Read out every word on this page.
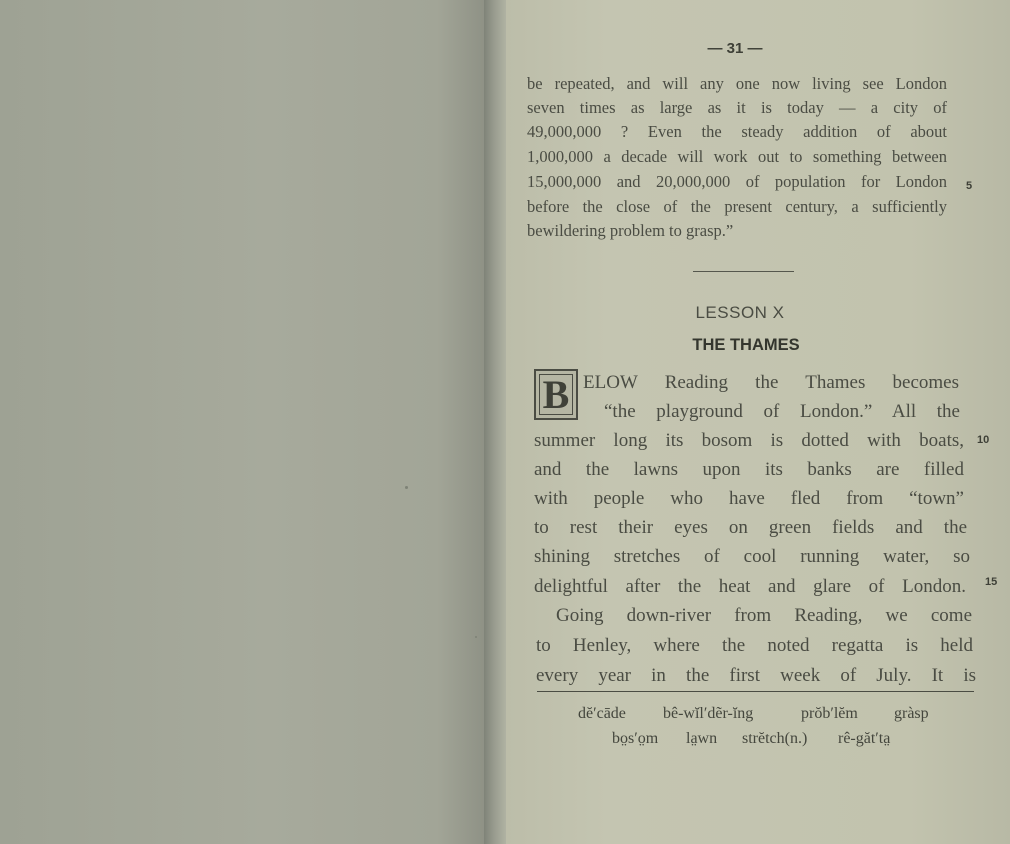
— 31 —
be repeated, and will any one now living see London
seven times as large as it is today — a city of
49,000,000 ? Even the steady addition of about
1,000,000 a decade will work out to something between
15,000,000 and 20,000,000 of population for London 5
before the close of the present century, a sufficiently
bewildering problem to grasp.”
LESSON X
THE THAMES
B ELOW Reading the Thames becomes
“the playground of London.” All the
summer long its bosom is dotted with boats, 10
and the lawns upon its banks are filled
with people who have fled from “town”
to rest their eyes on green fields and the
shining stretches of cool running water, so
delightful after the heat and glare of London. 15
Going down-river from Reading, we come
to Henley, where the noted regatta is held
every year in the first week of July. It is
dĕ′cāde bê-wĭl′dẽr-ĭng	prŏb′lĕm gràsp
bo̤s′o̤m la̤wn strĕtch(n.) rê-găt′ta̤
